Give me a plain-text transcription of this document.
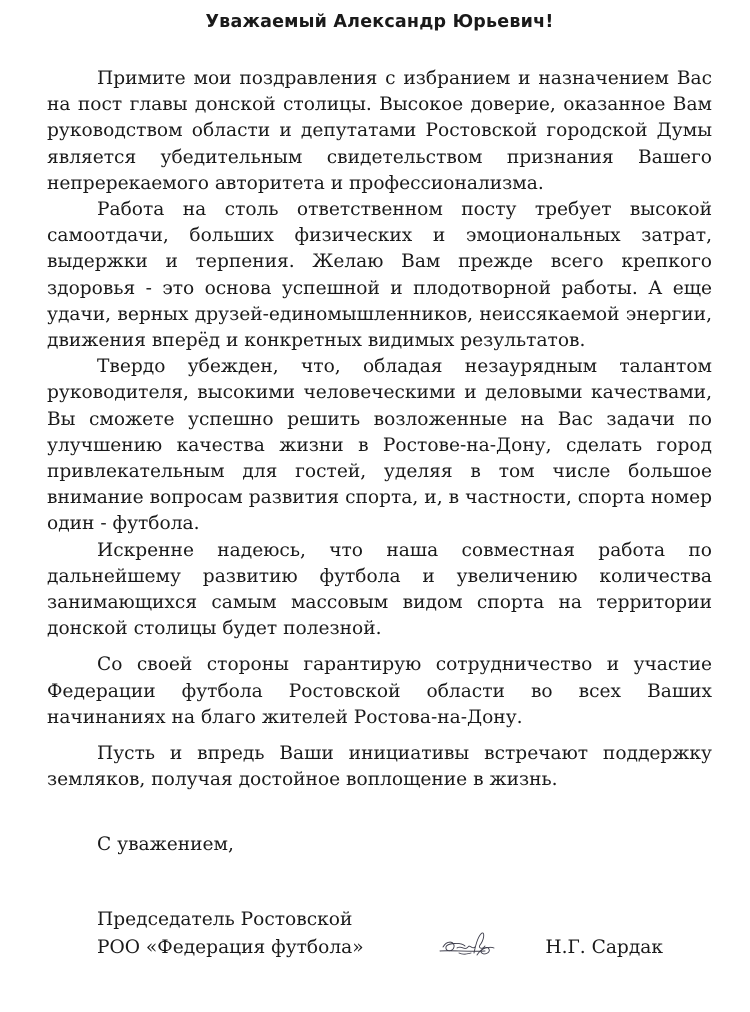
Уважаемый Александр Юрьевич!

Примите мои поздравления с избранием и назначением Вас на пост главы донской столицы. Высокое доверие, оказанное Вам руководством области и депутатами Ростовской городской Думы является убедительным свидетельством признания Вашего непререкаемого авторитета и профессионализма.

Работа на столь ответственном посту требует высокой самоотдачи, больших физических и эмоциональных затрат, выдержки и терпения. Желаю Вам прежде всего крепкого здоровья - это основа успешной и плодотворной работы. А еще удачи, верных друзей-единомышленников, неиссякаемой энергии, движения вперёд и конкретных видимых результатов.

Твердо убежден, что, обладая незаурядным талантом руководителя, высокими человеческими и деловыми качествами, Вы сможете успешно решить возложенные на Вас задачи по улучшению качества жизни в Ростове-на-Дону, сделать город привлекательным для гостей, уделяя в том числе большое внимание вопросам развития спорта, и, в частности, спорта номер один - футбола.

Искренне надеюсь, что наша совместная работа по дальнейшему развитию футбола и увеличению количества занимающихся самым массовым видом спорта на территории донской столицы будет полезной.

Со своей стороны гарантирую сотрудничество и участие Федерации футбола Ростовской области во всех Ваших начинаниях на благо жителей Ростова-на-Дону.

Пусть и впредь Ваши инициативы встречают поддержку земляков, получая достойное воплощение в жизнь.

С уважением,
Председатель Ростовской
РОО «Федерация футбола»	Н.Г. Сардак
